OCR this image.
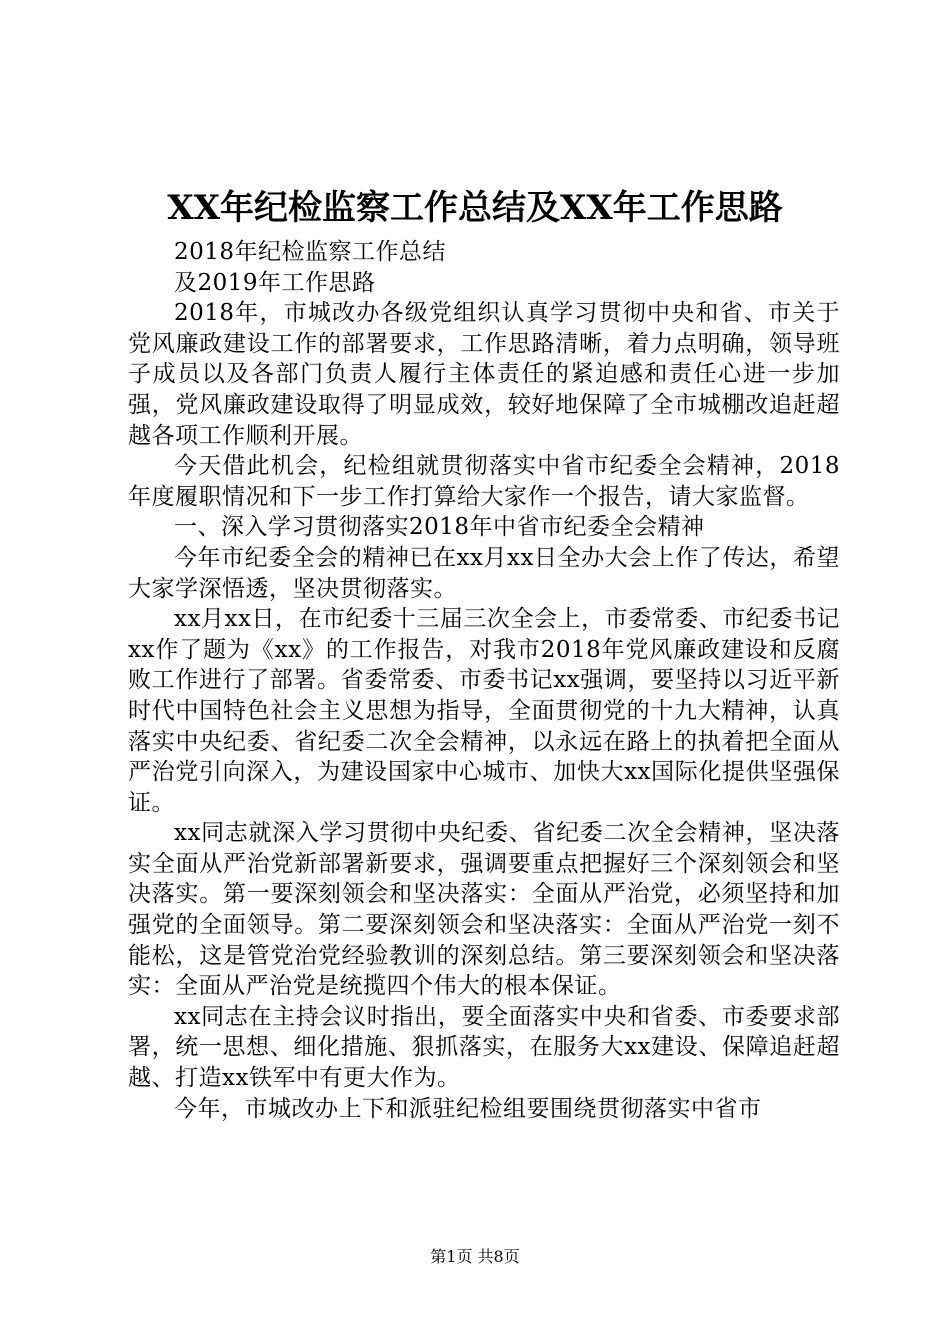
XX年纪检监察工作总结及XX年工作思路

2018年纪检监察工作总结

及2019年工作思路

2018年，市城改办各级党组织认真学习贯彻中央和省、市关于党风廉政建设工作的部署要求，工作思路清晰，着力点明确，领导班子成员以及各部门负责人履行主体责任的紧迫感和责任心进一步加强，党风廉政建设取得了明显成效，较好地保障了全市城棚改追赶超越各项工作顺利开展。

今天借此机会，纪检组就贯彻落实中省市纪委全会精神，2018年度履职情况和下一步工作打算给大家作一个报告，请大家监督。

一、深入学习贯彻落实2018年中省市纪委全会精神

今年市纪委全会的精神已在xx月xx日全办大会上作了传达，希望大家学深悟透，坚决贯彻落实。

xx月xx日，在市纪委十三届三次全会上，市委常委、市纪委书记xx作了题为《xx》的工作报告，对我市2018年党风廉政建设和反腐败工作进行了部署。省委常委、市委书记xx强调，要坚持以习近平新时代中国特色社会主义思想为指导，全面贯彻党的十九大精神，认真落实中央纪委、省纪委二次全会精神，以永远在路上的执着把全面从严治党引向深入，为建设国家中心城市、加快大xx国际化提供坚强保证。

xx同志就深入学习贯彻中央纪委、省纪委二次全会精神，坚决落实全面从严治党新部署新要求，强调要重点把握好三个深刻领会和坚决落实。第一要深刻领会和坚决落实：全面从严治党，必须坚持和加强党的全面领导。第二要深刻领会和坚决落实：全面从严治党一刻不能松，这是管党治党经验教训的深刻总结。第三要深刻领会和坚决落实：全面从严治党是统揽四个伟大的根本保证。

xx同志在主持会议时指出，要全面落实中央和省委、市委要求部署，统一思想、细化措施、狠抓落实，在服务大xx建设、保障追赶超越、打造xx铁军中有更大作为。

今年，市城改办上下和派驻纪检组要围绕贯彻落实中省市

第1页 共8页
